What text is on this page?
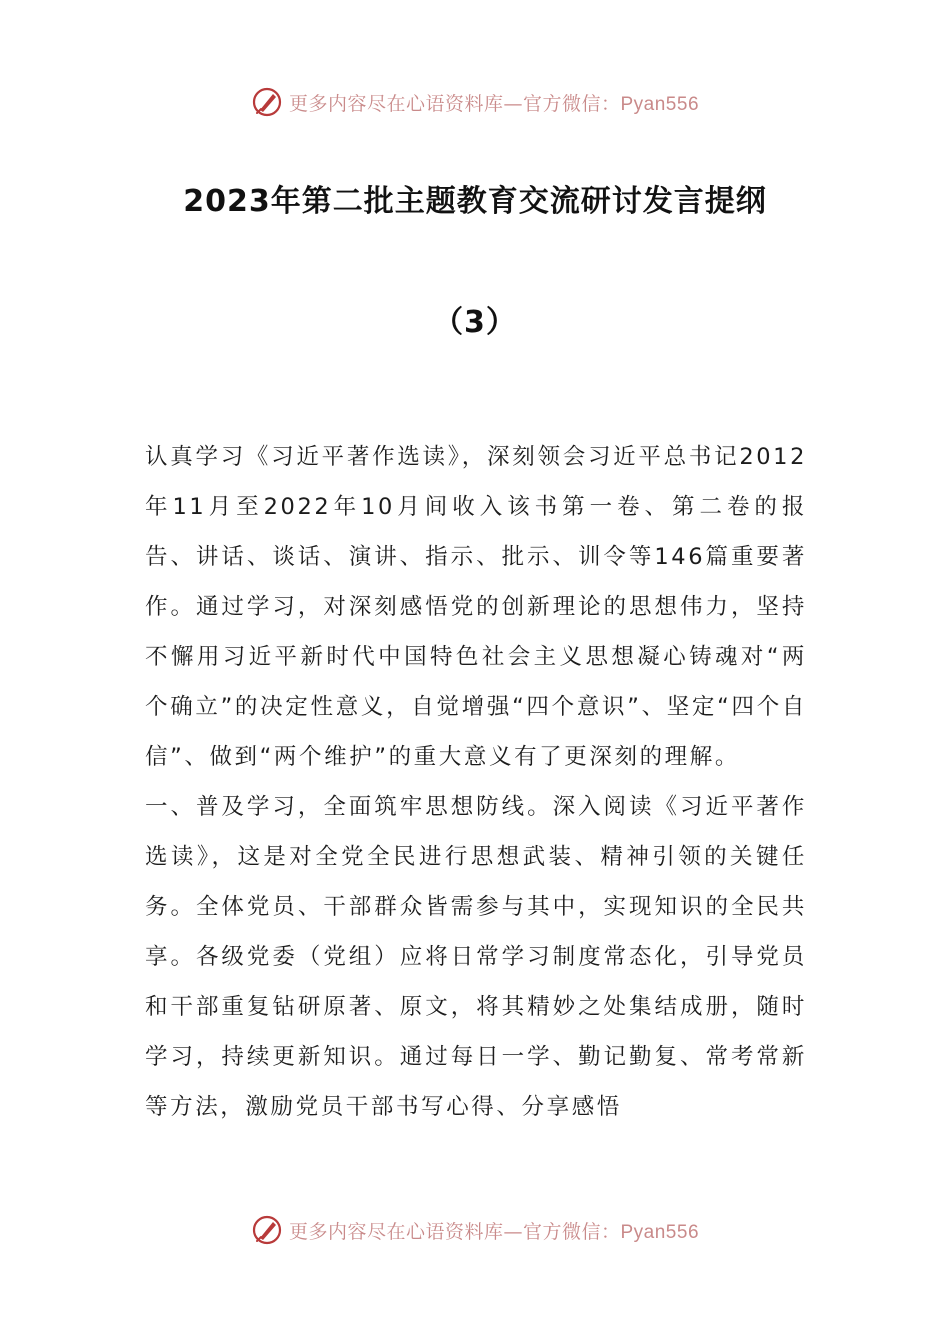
更多内容尽在心语资料库—官方微信：Pyan556
2023年第二批主题教育交流研讨发言提纲
（3）

认真学习《习近平著作选读》，深刻领会习近平总书记2012年11月至2022年10月间收入该书第一卷、第二卷的报告、讲话、谈话、演讲、指示、批示、训令等146篇重要著作。通过学习，对深刻感悟党的创新理论的思想伟力，坚持不懈用习近平新时代中国特色社会主义思想凝心铸魂对“两个确立”的决定性意义，自觉增强“四个意识”、坚定“四个自信”、做到“两个维护”的重大意义有了更深刻的理解。

一、普及学习，全面筑牢思想防线。深入阅读《习近平著作选读》，这是对全党全民进行思想武装、精神引领的关键任务。全体党员、干部群众皆需参与其中，实现知识的全民共享。各级党委（党组）应将日常学习制度常态化，引导党员和干部重复钻研原著、原文，将其精妙之处集结成册，随时学习，持续更新知识。通过每日一学、勤记勤复、常考常新等方法，激励党员干部书写心得、分享感悟

更多内容尽在心语资料库—官方微信：Pyan556
